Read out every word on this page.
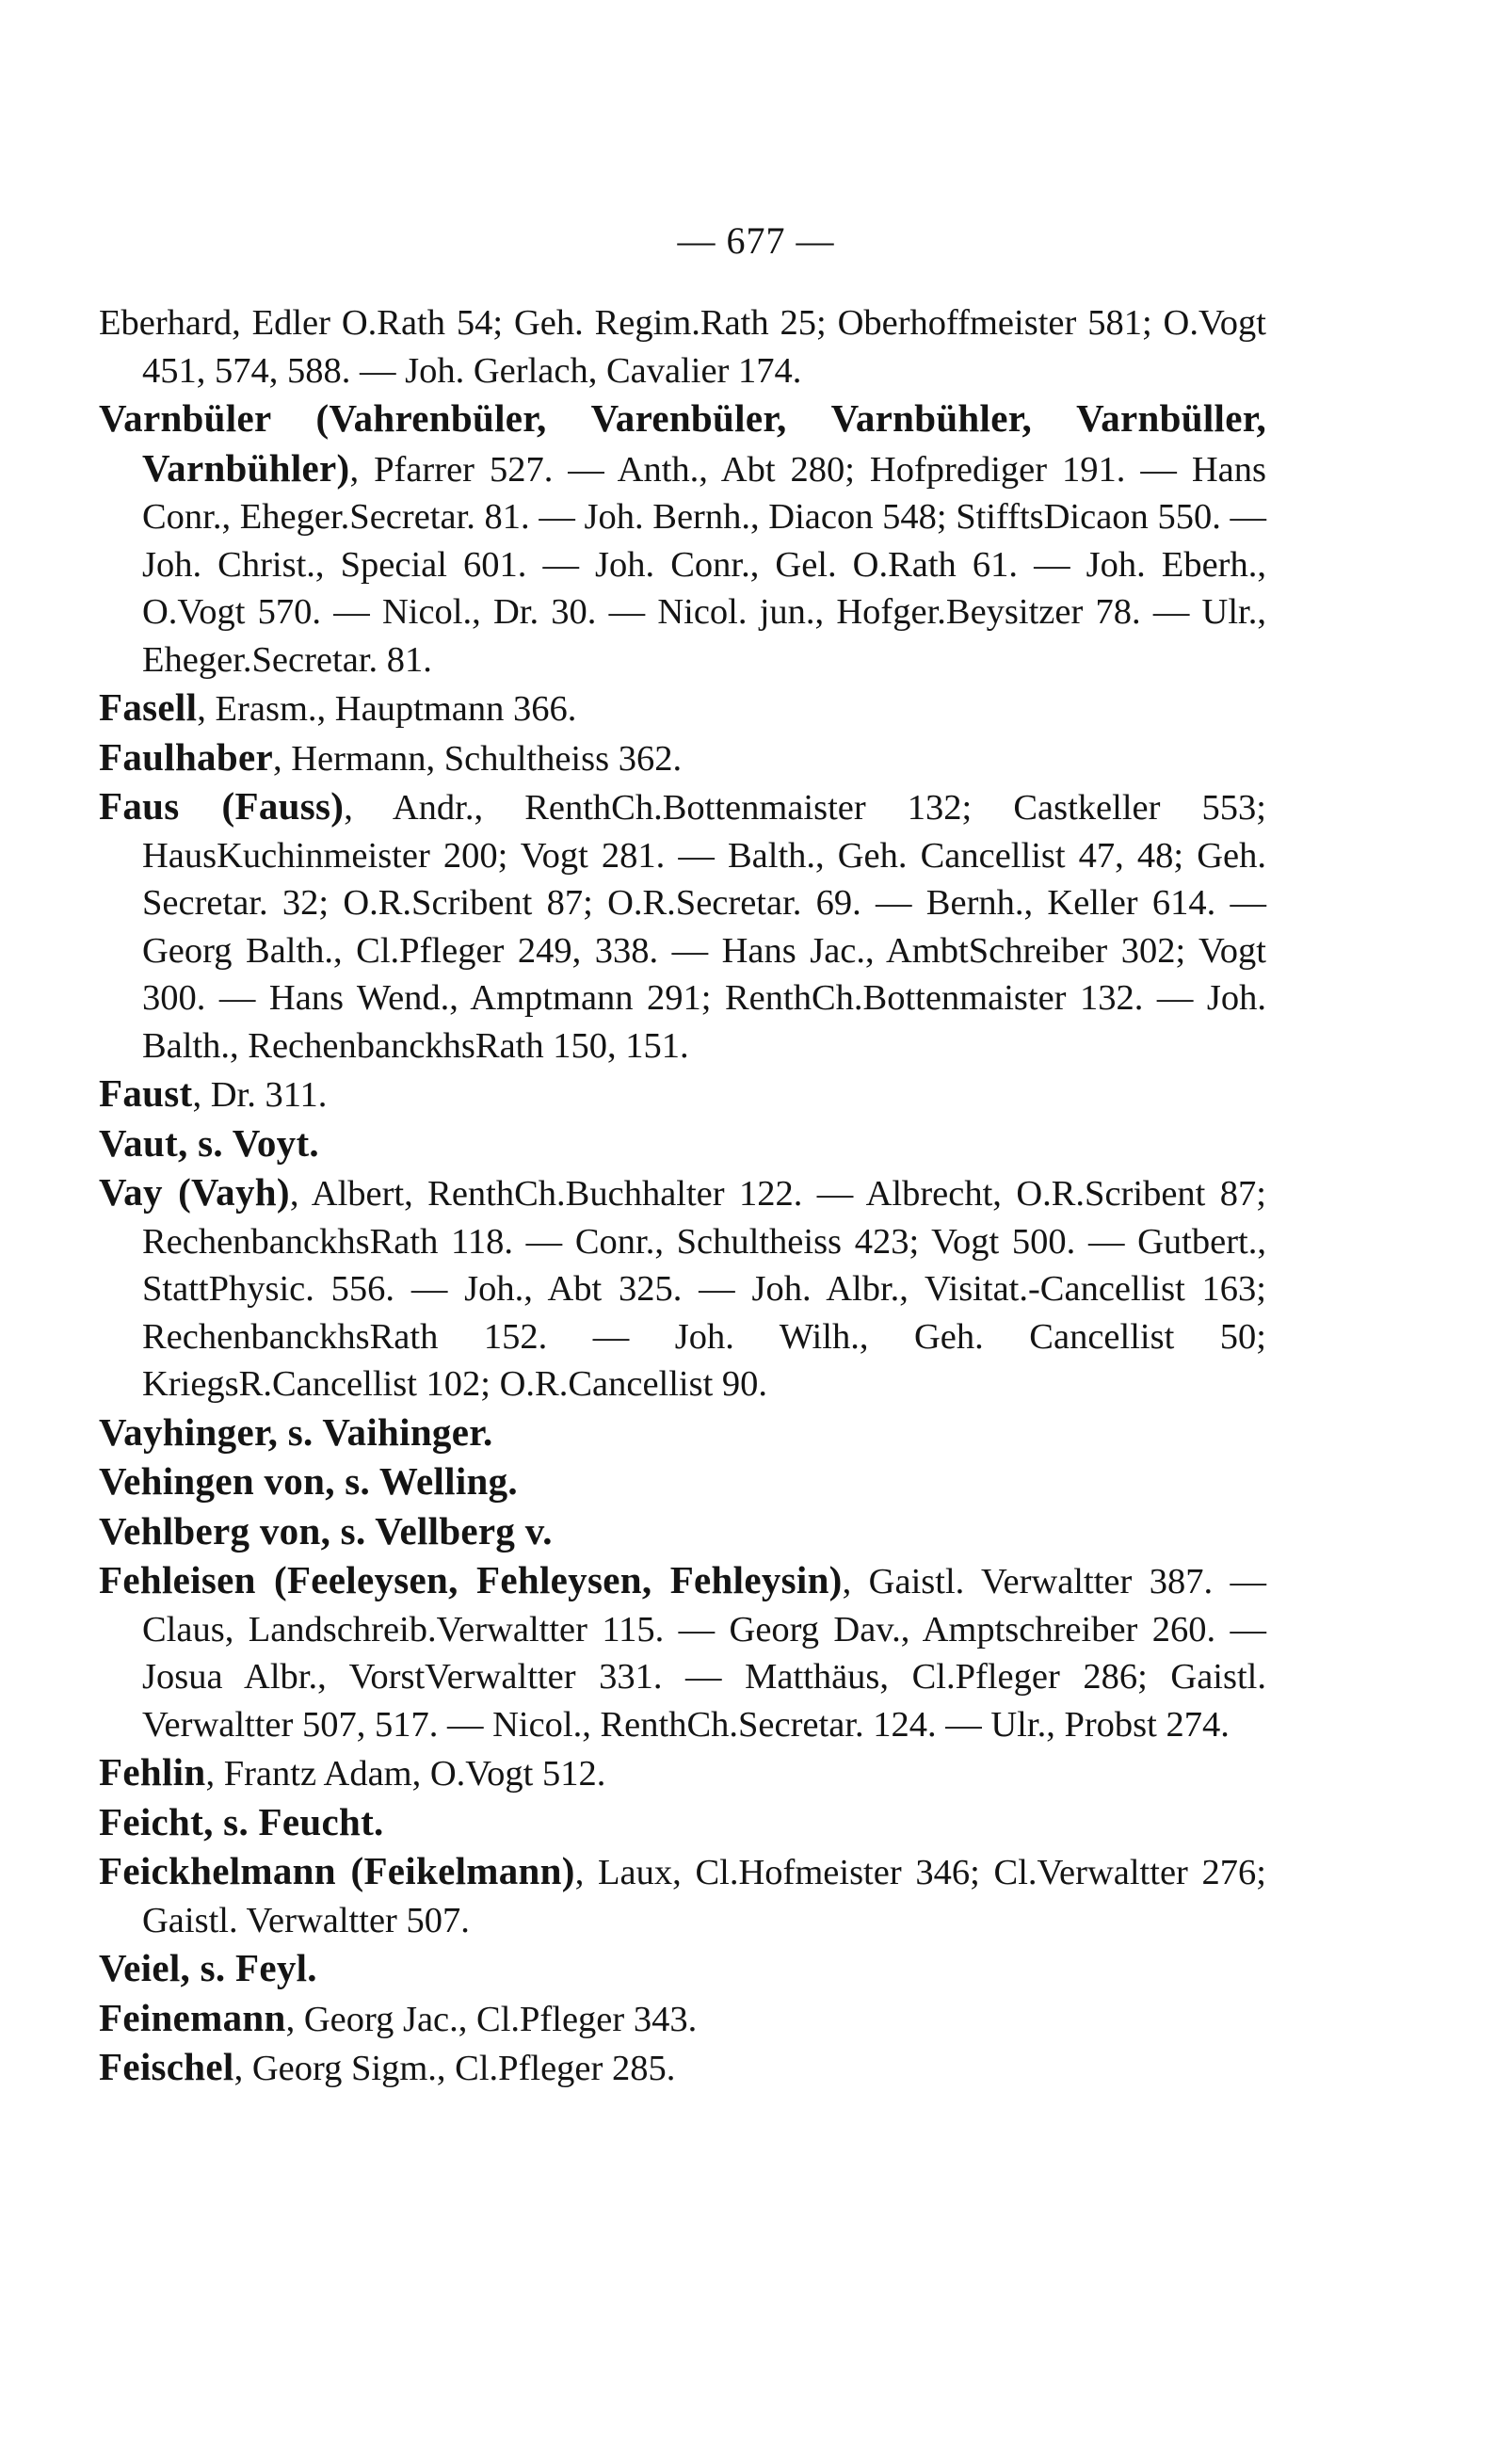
— 677 —

Eberhard, Edler O.Rath 54; Geh. Regim.Rath 25; Oberhoffmeister 581; O.Vogt 451, 574, 588. — Joh. Gerlach, Cavalier 174.

Varnbüler (Vahrenbüler, Varenbüler, Varnbühler, Varnbüller, Varnbühler), Pfarrer 527. — Anth., Abt 280; Hofprediger 191. — Hans Conr., Eheger.Secretar. 81. — Joh. Bernh., Diacon 548; StifftsDicaon 550. — Joh. Christ., Special 601. — Joh. Conr., Gel. O.Rath 61. — Joh. Eberh., O.Vogt 570. — Nicol., Dr. 30. — Nicol. jun., Hofger.Beysitzer 78. — Ulr., Eheger.Secretar. 81.

Fasell, Erasm., Hauptmann 366.

Faulhaber, Hermann, Schultheiss 362.

Faus (Fauss), Andr., RenthCh.Bottenmaister 132; Castkeller 553; HausKuchinmeister 200; Vogt 281. — Balth., Geh. Cancellist 47, 48; Geh. Secretar. 32; O.R.Scribent 87; O.R.Secretar. 69. — Bernh., Keller 614. — Georg Balth., Cl.Pfleger 249, 338. — Hans Jac., AmbtSchreiber 302; Vogt 300. — Hans Wend., Amptmann 291; RenthCh.Bottenmaister 132. — Joh. Balth., RechenbanckhsRath 150, 151.

Faust, Dr. 311.

Vaut, s. Voyt.

Vay (Vayh), Albert, RenthCh.Buchhalter 122. — Albrecht, O.R.Scribent 87; RechenbanckhsRath 118. — Conr., Schultheiss 423; Vogt 500. — Gutbert., StattPhysic. 556. — Joh., Abt 325. — Joh. Albr., Visitat.-Cancellist 163; RechenbanckhsRath 152. — Joh. Wilh., Geh. Cancellist 50; KriegsR.Cancellist 102; O.R.Cancellist 90.

Vayhinger, s. Vaihinger.

Vehingen von, s. Welling.

Vehlberg von, s. Vellberg v.

Fehleisen (Feeleysen, Fehleysen, Fehleysin), Gaistl. Verwaltter 387. — Claus, Landschreib.Verwaltter 115. — Georg Dav., Amptschreiber 260. — Josua Albr., VorstVerwaltter 331. — Matthäus, Cl.Pfleger 286; Gaistl. Verwaltter 507, 517. — Nicol., RenthCh.Secretar. 124. — Ulr., Probst 274.

Fehlin, Frantz Adam, O.Vogt 512.

Feicht, s. Feucht.

Feickhelmann (Feikelmann), Laux, Cl.Hofmeister 346; Cl.Verwaltter 276; Gaistl. Verwaltter 507.

Veiel, s. Feyl.

Feinemann, Georg Jac., Cl.Pfleger 343.

Feischel, Georg Sigm., Cl.Pfleger 285.
